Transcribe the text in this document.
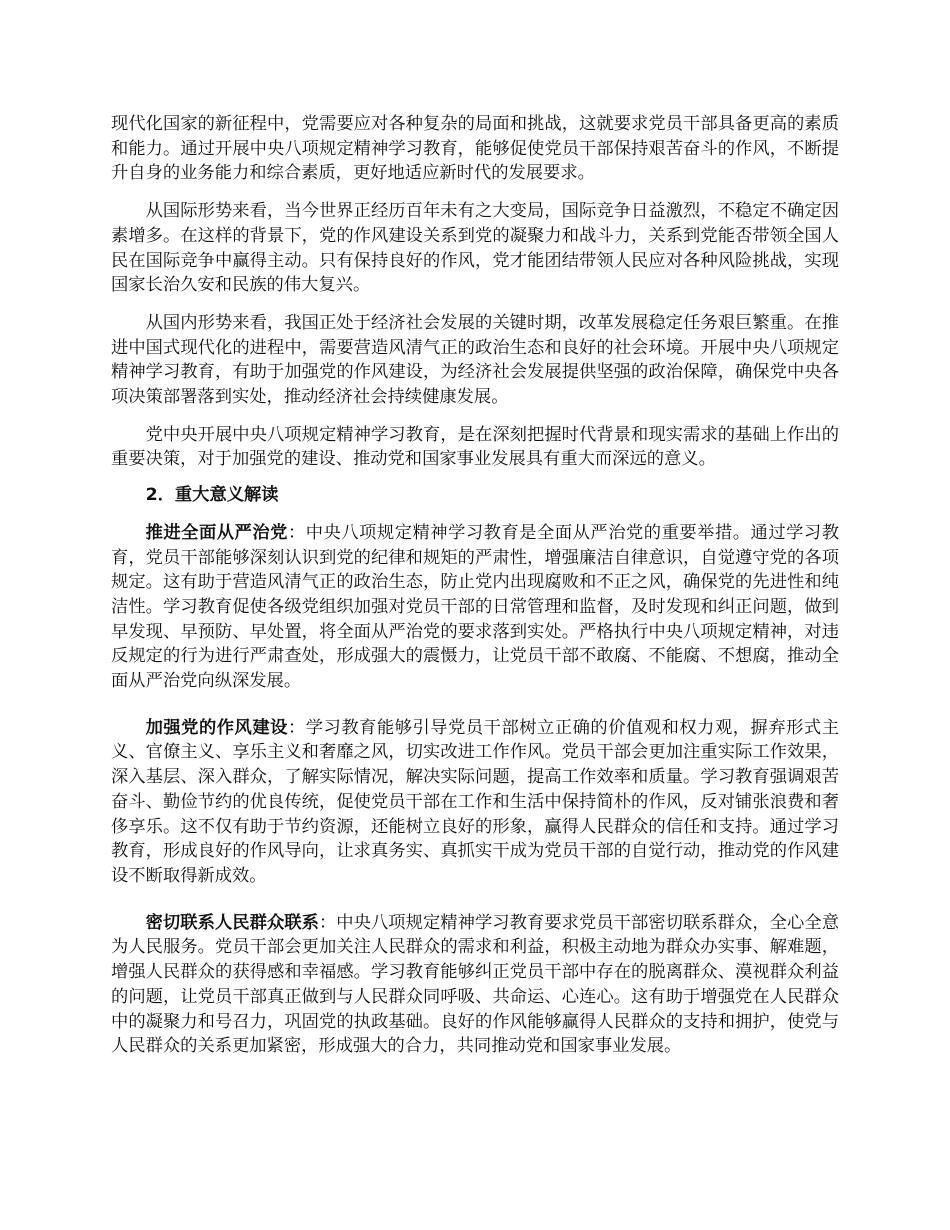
现代化国家的新征程中，党需要应对各种复杂的局面和挑战，这就要求党员干部具备更高的素质和能力。通过开展中央八项规定精神学习教育，能够促使党员干部保持艰苦奋斗的作风，不断提升自身的业务能力和综合素质，更好地适应新时代的发展要求。

从国际形势来看，当今世界正经历百年未有之大变局，国际竞争日益激烈，不稳定不确定因素增多。在这样的背景下，党的作风建设关系到党的凝聚力和战斗力，关系到党能否带领全国人民在国际竞争中赢得主动。只有保持良好的作风，党才能团结带领人民应对各种风险挑战，实现国家长治久安和民族的伟大复兴。

从国内形势来看，我国正处于经济社会发展的关键时期，改革发展稳定任务艰巨繁重。在推进中国式现代化的进程中，需要营造风清气正的政治生态和良好的社会环境。开展中央八项规定精神学习教育，有助于加强党的作风建设，为经济社会发展提供坚强的政治保障，确保党中央各项决策部署落到实处，推动经济社会持续健康发展。

党中央开展中央八项规定精神学习教育，是在深刻把握时代背景和现实需求的基础上作出的重要决策，对于加强党的建设、推动党和国家事业发展具有重大而深远的意义。

2．重大意义解读

推进全面从严治党：中央八项规定精神学习教育是全面从严治党的重要举措。通过学习教育，党员干部能够深刻认识到党的纪律和规矩的严肃性，增强廉洁自律意识，自觉遵守党的各项规定。这有助于营造风清气正的政治生态，防止党内出现腐败和不正之风，确保党的先进性和纯洁性。学习教育促使各级党组织加强对党员干部的日常管理和监督，及时发现和纠正问题，做到早发现、早预防、早处置，将全面从严治党的要求落到实处。严格执行中央八项规定精神，对违反规定的行为进行严肃查处，形成强大的震慑力，让党员干部不敢腐、不能腐、不想腐，推动全面从严治党向纵深发展。

加强党的作风建设：学习教育能够引导党员干部树立正确的价值观和权力观，摒弃形式主义、官僚主义、享乐主义和奢靡之风，切实改进工作作风。党员干部会更加注重实际工作效果，深入基层、深入群众，了解实际情况，解决实际问题，提高工作效率和质量。学习教育强调艰苦奋斗、勤俭节约的优良传统，促使党员干部在工作和生活中保持简朴的作风，反对铺张浪费和奢侈享乐。这不仅有助于节约资源，还能树立良好的形象，赢得人民群众的信任和支持。通过学习教育，形成良好的作风导向，让求真务实、真抓实干成为党员干部的自觉行动，推动党的作风建设不断取得新成效。

密切联系人民群众联系：中央八项规定精神学习教育要求党员干部密切联系群众，全心全意为人民服务。党员干部会更加关注人民群众的需求和利益，积极主动地为群众办实事、解难题，增强人民群众的获得感和幸福感。学习教育能够纠正党员干部中存在的脱离群众、漠视群众利益的问题，让党员干部真正做到与人民群众同呼吸、共命运、心连心。这有助于增强党在人民群众中的凝聚力和号召力，巩固党的执政基础。良好的作风能够赢得人民群众的支持和拥护，使党与人民群众的关系更加紧密，形成强大的合力，共同推动党和国家事业发展。
